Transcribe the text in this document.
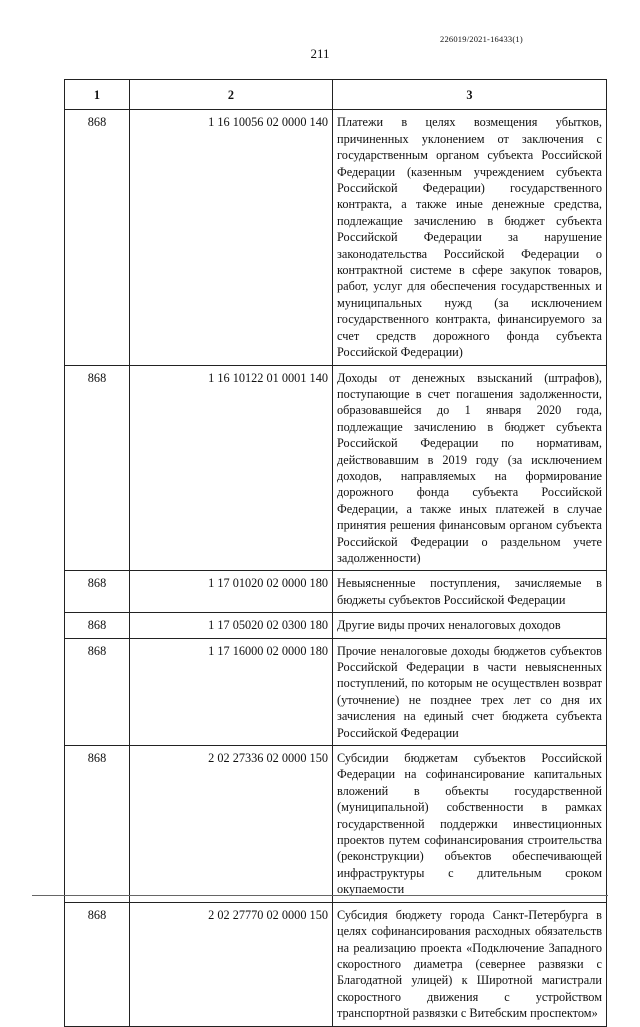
226019/2021-16433(1)
211
1	2	3
868	1 16 10056 02 0000 140	Платежи в целях возмещения убытков, причиненных уклонением от заключения с государственным органом субъекта Российской Федерации (казенным учреждением субъекта Российской Федерации) государственного контракта, а также иные денежные средства, подлежащие зачислению в бюджет субъекта Российской Федерации за нарушение законодательства Российской Федерации о контрактной системе в сфере закупок товаров, работ, услуг для обеспечения государственных и муниципальных нужд (за исключением государственного контракта, финансируемого за счет средств дорожного фонда субъекта Российской Федерации)
868	1 16 10122 01 0001 140	Доходы от денежных взысканий (штрафов), поступающие в счет погашения задолженности, образовавшейся до 1 января 2020 года, подлежащие зачислению в бюджет субъекта Российской Федерации по нормативам, действовавшим в 2019 году (за исключением доходов, направляемых на формирование дорожного фонда субъекта Российской Федерации, а также иных платежей в случае принятия решения финансовым органом субъекта Российской Федерации о раздельном учете задолженности)
868	1 17 01020 02 0000 180	Невыясненные поступления, зачисляемые в бюджеты субъектов Российской Федерации
868	1 17 05020 02 0300 180	Другие виды прочих неналоговых доходов
868	1 17 16000 02 0000 180	Прочие неналоговые доходы бюджетов субъектов Российской Федерации в части невыясненных поступлений, по которым не осуществлен возврат (уточнение) не позднее трех лет со дня их зачисления на единый счет бюджета субъекта Российской Федерации
868	2 02 27336 02 0000 150	Субсидии бюджетам субъектов Российской Федерации на софинансирование капитальных вложений в объекты государственной (муниципальной) собственности в рамках государственной поддержки инвестиционных проектов путем софинансирования строительства (реконструкции) объектов обеспечивающей инфраструктуры с длительным сроком окупаемости
868	2 02 27770 02 0000 150	Субсидия бюджету города Санкт-Петербурга в целях софинансирования расходных обязательств на реализацию проекта «Подключение Западного скоростного диаметра (севернее развязки с Благодатной улицей) к Широтной магистрали скоростного движения с устройством транспортной развязки с Витебским проспектом»
